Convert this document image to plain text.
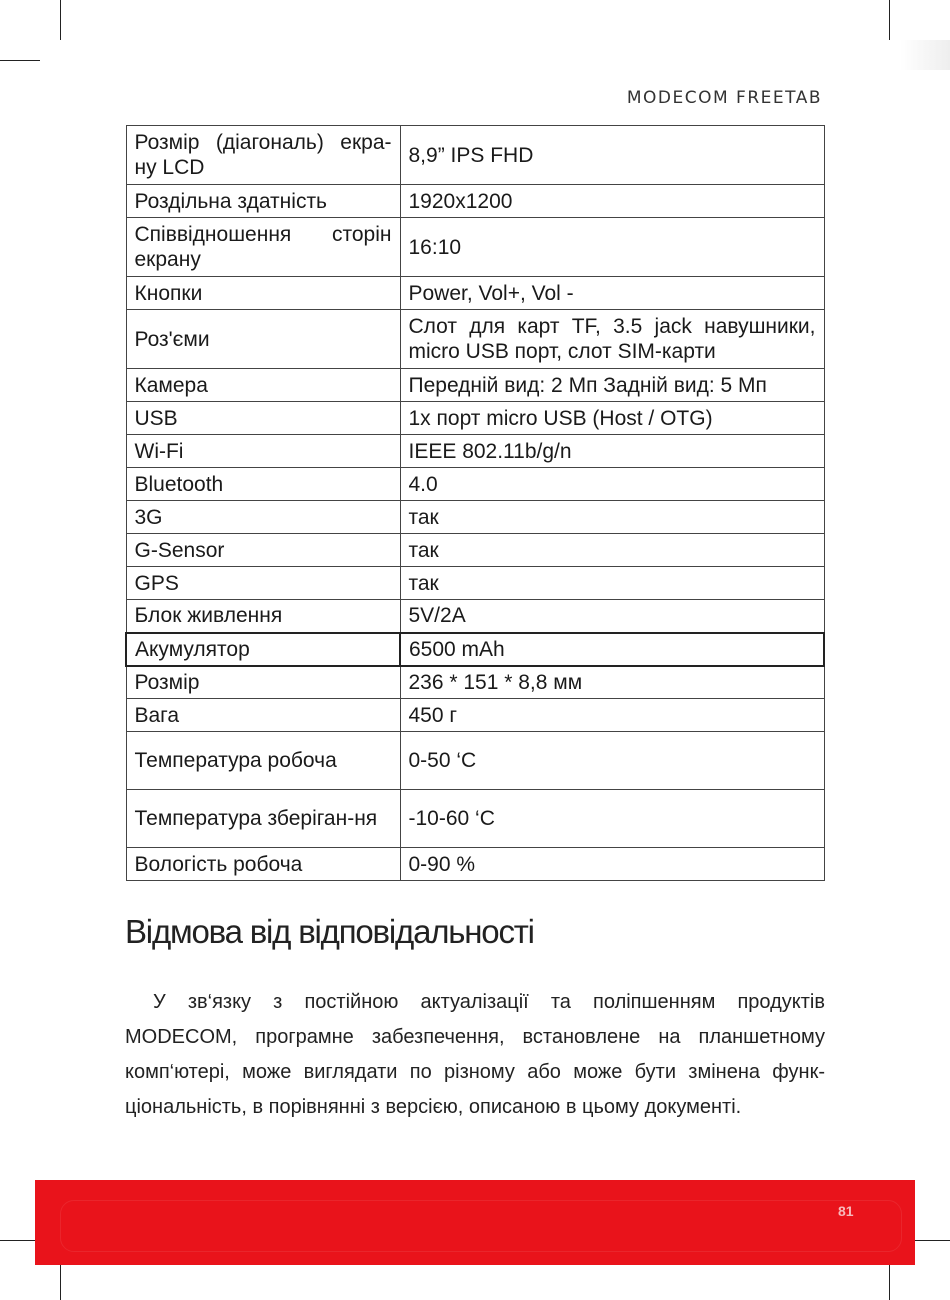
MODECOM FREETAB
Розмір (діагональ) екра-ну LCD	8,9” IPS FHD
Роздільна здатність	1920x1200
Співвідношення сторін екрану	16:10
Кнопки	Power, Vol+, Vol -
Роз'єми	Слот для карт TF, 3.5 jack навушники, micro USB порт, слот SIM-карти
Камера	Передній вид: 2 Мп Задній вид: 5 Мп
USB	1x порт micro USB (Host / OTG)
Wi-Fi	IEEE 802.11b/g/n
Bluetooth	4.0
3G	так
G-Sensor	так
GPS	так
Блок живлення	5V/2A
Акумулятор	6500 mAh
Розмір	236 * 151 * 8,8 мм
Вага	450 г
Температура робоча	0-50 ‘С
Температура зберіган-ня	-10-60 ‘С
Вологість робоча	0-90 %
Відмова від відповідальності

У зв‘язку з постійною актуалізації та поліпшенням продуктів MODECOM, програмне забезпечення, встановлене на планшетному комп‘ютері, може виглядати по різному або може бути змінена функ-ціональність, в порівнянні з версією, описаною в цьому документі.

81
